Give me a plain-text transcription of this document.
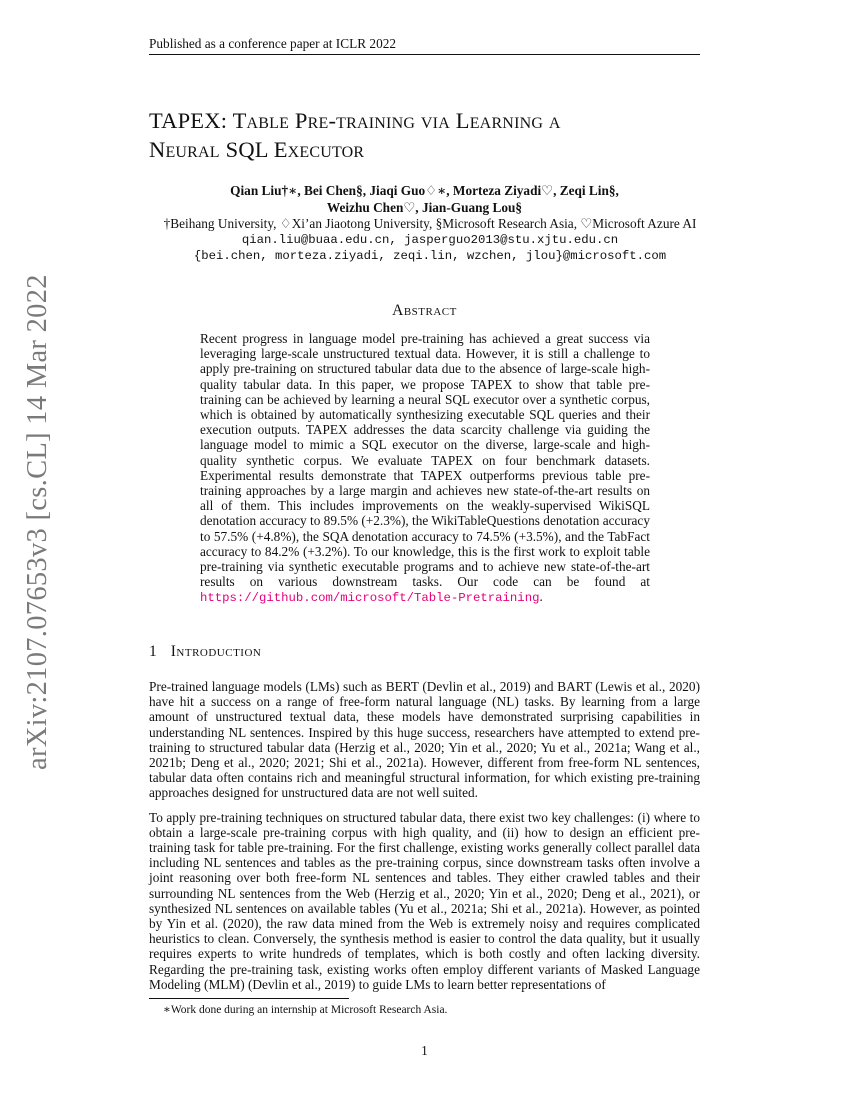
Published as a conference paper at ICLR 2022
TAPEX: Table Pre-training via Learning a
Neural SQL Executor
Qian Liu†∗, Bei Chen§, Jiaqi Guo♢∗, Morteza Ziyadi♡, Zeqi Lin§,
Weizhu Chen♡, Jian-Guang Lou§
†Beihang University, ♢Xi’an Jiaotong University, §Microsoft Research Asia, ♡Microsoft Azure AI
qian.liu@buaa.edu.cn, jasperguo2013@stu.xjtu.edu.cn
{bei.chen, morteza.ziyadi, zeqi.lin, wzchen, jlou}@microsoft.com
arXiv:2107.07653v3 [cs.CL] 14 Mar 2022	Abstract
Recent progress in language model pre-training has achieved a great success via leveraging large-scale unstructured textual data. However, it is still a challenge to apply pre-training on structured tabular data due to the absence of large-scale high-quality tabular data. In this paper, we propose TAPEX to show that table pre-training can be achieved by learning a neural SQL executor over a synthetic corpus, which is obtained by automatically synthesizing executable SQL queries and their execution outputs. TAPEX addresses the data scarcity challenge via guiding the language model to mimic a SQL executor on the diverse, large-scale and high-quality synthetic corpus. We evaluate TAPEX on four benchmark datasets. Experimental results demonstrate that TAPEX outperforms previous table pre-training approaches by a large margin and achieves new state-of-the-art results on all of them. This includes improvements on the weakly-supervised WikiSQL denotation accuracy to 89.5% (+2.3%), the WikiTableQuestions denotation accuracy to 57.5% (+4.8%), the SQA denotation accuracy to 74.5% (+3.5%), and the TabFact accuracy to 84.2% (+3.2%). To our knowledge, this is the first work to exploit table pre-training via synthetic executable programs and to achieve new state-of-the-art results on various downstream tasks. Our code can be found at https://github.com/microsoft/Table-Pretraining.
1 Introduction

Pre-trained language models (LMs) such as BERT (Devlin et al., 2019) and BART (Lewis et al., 2020) have hit a success on a range of free-form natural language (NL) tasks. By learning from a large amount of unstructured textual data, these models have demonstrated surprising capabilities in understanding NL sentences. Inspired by this huge success, researchers have attempted to extend pre-training to structured tabular data (Herzig et al., 2020; Yin et al., 2020; Yu et al., 2021a; Wang et al., 2021b; Deng et al., 2020; 2021; Shi et al., 2021a). However, different from free-form NL sentences, tabular data often contains rich and meaningful structural information, for which existing pre-training approaches designed for unstructured data are not well suited.

To apply pre-training techniques on structured tabular data, there exist two key challenges: (i) where to obtain a large-scale pre-training corpus with high quality, and (ii) how to design an efficient pre-training task for table pre-training. For the first challenge, existing works generally collect parallel data including NL sentences and tables as the pre-training corpus, since downstream tasks often involve a joint reasoning over both free-form NL sentences and tables. They either crawled tables and their surrounding NL sentences from the Web (Herzig et al., 2020; Yin et al., 2020; Deng et al., 2021), or synthesized NL sentences on available tables (Yu et al., 2021a; Shi et al., 2021a). However, as pointed by Yin et al. (2020), the raw data mined from the Web is extremely noisy and requires complicated heuristics to clean. Conversely, the synthesis method is easier to control the data quality, but it usually requires experts to write hundreds of templates, which is both costly and often lacking diversity. Regarding the pre-training task, existing works often employ different variants of Masked Language Modeling (MLM) (Devlin et al., 2019) to guide LMs to learn better representations of

∗Work done during an internship at Microsoft Research Asia.
1
